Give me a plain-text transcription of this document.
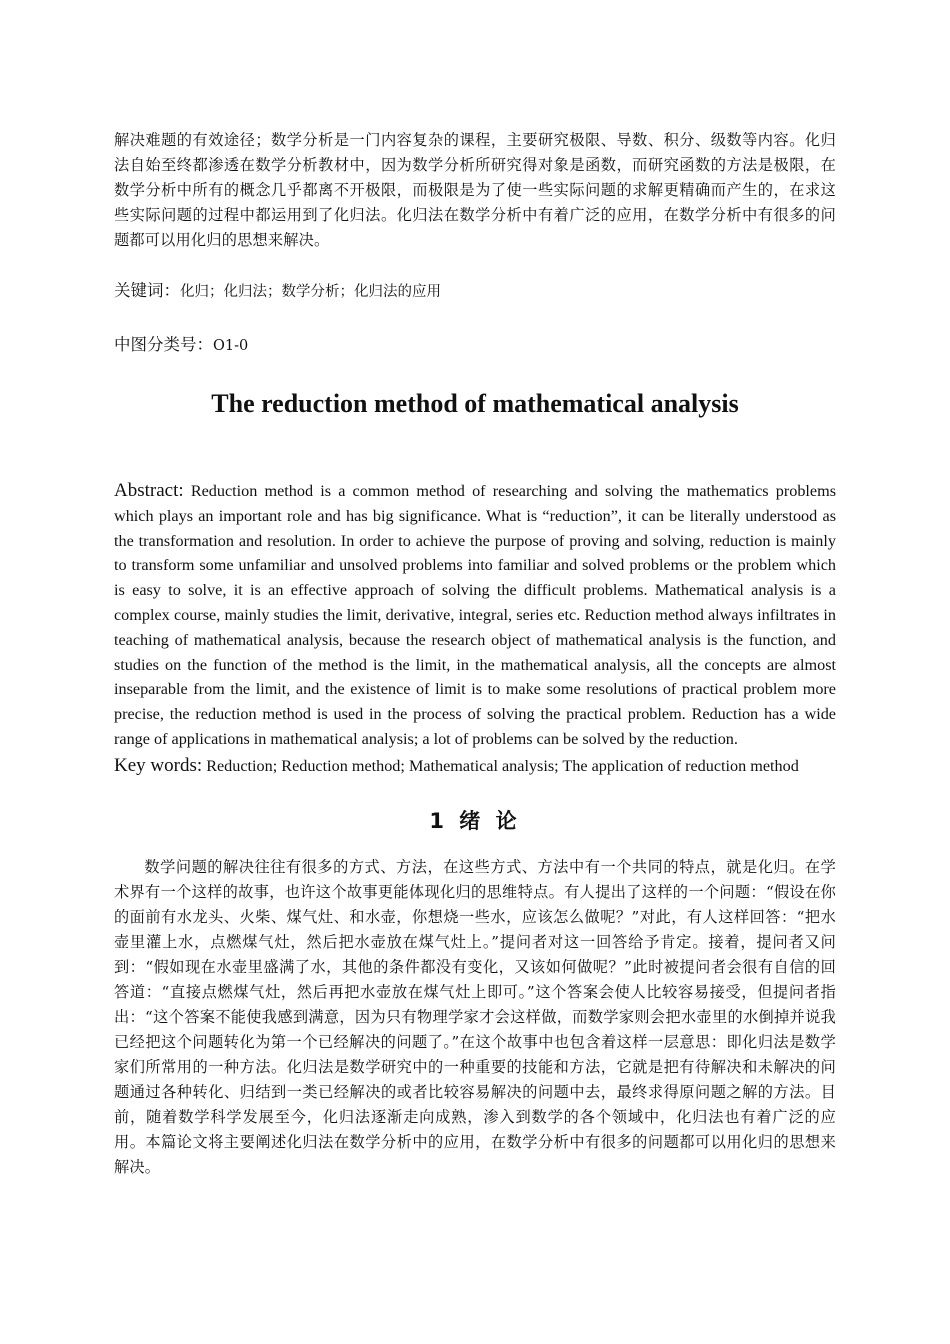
解决难题的有效途径；数学分析是一门内容复杂的课程，主要研究极限、导数、积分、级数等内容。化归法自始至终都渗透在数学分析教材中，因为数学分析所研究得对象是函数，而研究函数的方法是极限，在数学分析中所有的概念几乎都离不开极限，而极限是为了使一些实际问题的求解更精确而产生的，在求这些实际问题的过程中都运用到了化归法。化归法在数学分析中有着广泛的应用，在数学分析中有很多的问题都可以用化归的思想来解决。

关键词：化归；化归法；数学分析；化归法的应用

中图分类号：O1-0

The reduction method of mathematical analysis

Abstract: Reduction method is a common method of researching and solving the mathematics problems which plays an important role and has big significance. What is “reduction”, it can be literally understood as the transformation and resolution. In order to achieve the purpose of proving and solving, reduction is mainly to transform some unfamiliar and unsolved problems into familiar and solved problems or the problem which is easy to solve, it is an effective approach of solving the difficult problems. Mathematical analysis is a complex course, mainly studies the limit, derivative, integral, series etc. Reduction method always infiltrates in teaching of mathematical analysis, because the research object of mathematical analysis is the function, and studies on the function of the method is the limit, in the mathematical analysis, all the concepts are almost inseparable from the limit, and the existence of limit is to make some resolutions of practical problem more precise, the reduction method is used in the process of solving the practical problem. Reduction has a wide range of applications in mathematical analysis; a lot of problems can be solved by the reduction.

Key words: Reduction; Reduction method; Mathematical analysis; The application of reduction method

1 绪 论

数学问题的解决往往有很多的方式、方法，在这些方式、方法中有一个共同的特点，就是化归。在学术界有一个这样的故事，也许这个故事更能体现化归的思维特点。有人提出了这样的一个问题：“假设在你的面前有水龙头、火柴、煤气灶、和水壶，你想烧一些水，应该怎么做呢？”对此，有人这样回答：“把水壶里灌上水，点燃煤气灶，然后把水壶放在煤气灶上。”提问者对这一回答给予肯定。接着，提问者又问到：“假如现在水壶里盛满了水，其他的条件都没有变化，又该如何做呢？”此时被提问者会很有自信的回答道：“直接点燃煤气灶，然后再把水壶放在煤气灶上即可。”这个答案会使人比较容易接受，但提问者指出：“这个答案不能使我感到满意，因为只有物理学家才会这样做，而数学家则会把水壶里的水倒掉并说我已经把这个问题转化为第一个已经解决的问题了。”在这个故事中也包含着这样一层意思：即化归法是数学家们所常用的一种方法。化归法是数学研究中的一种重要的技能和方法，它就是把有待解决和未解决的问题通过各种转化、归结到一类已经解决的或者比较容易解决的问题中去，最终求得原问题之解的方法。目前，随着数学科学发展至今，化归法逐渐走向成熟，渗入到数学的各个领域中，化归法也有着广泛的应用。本篇论文将主要阐述化归法在数学分析中的应用，在数学分析中有很多的问题都可以用化归的思想来解决。
